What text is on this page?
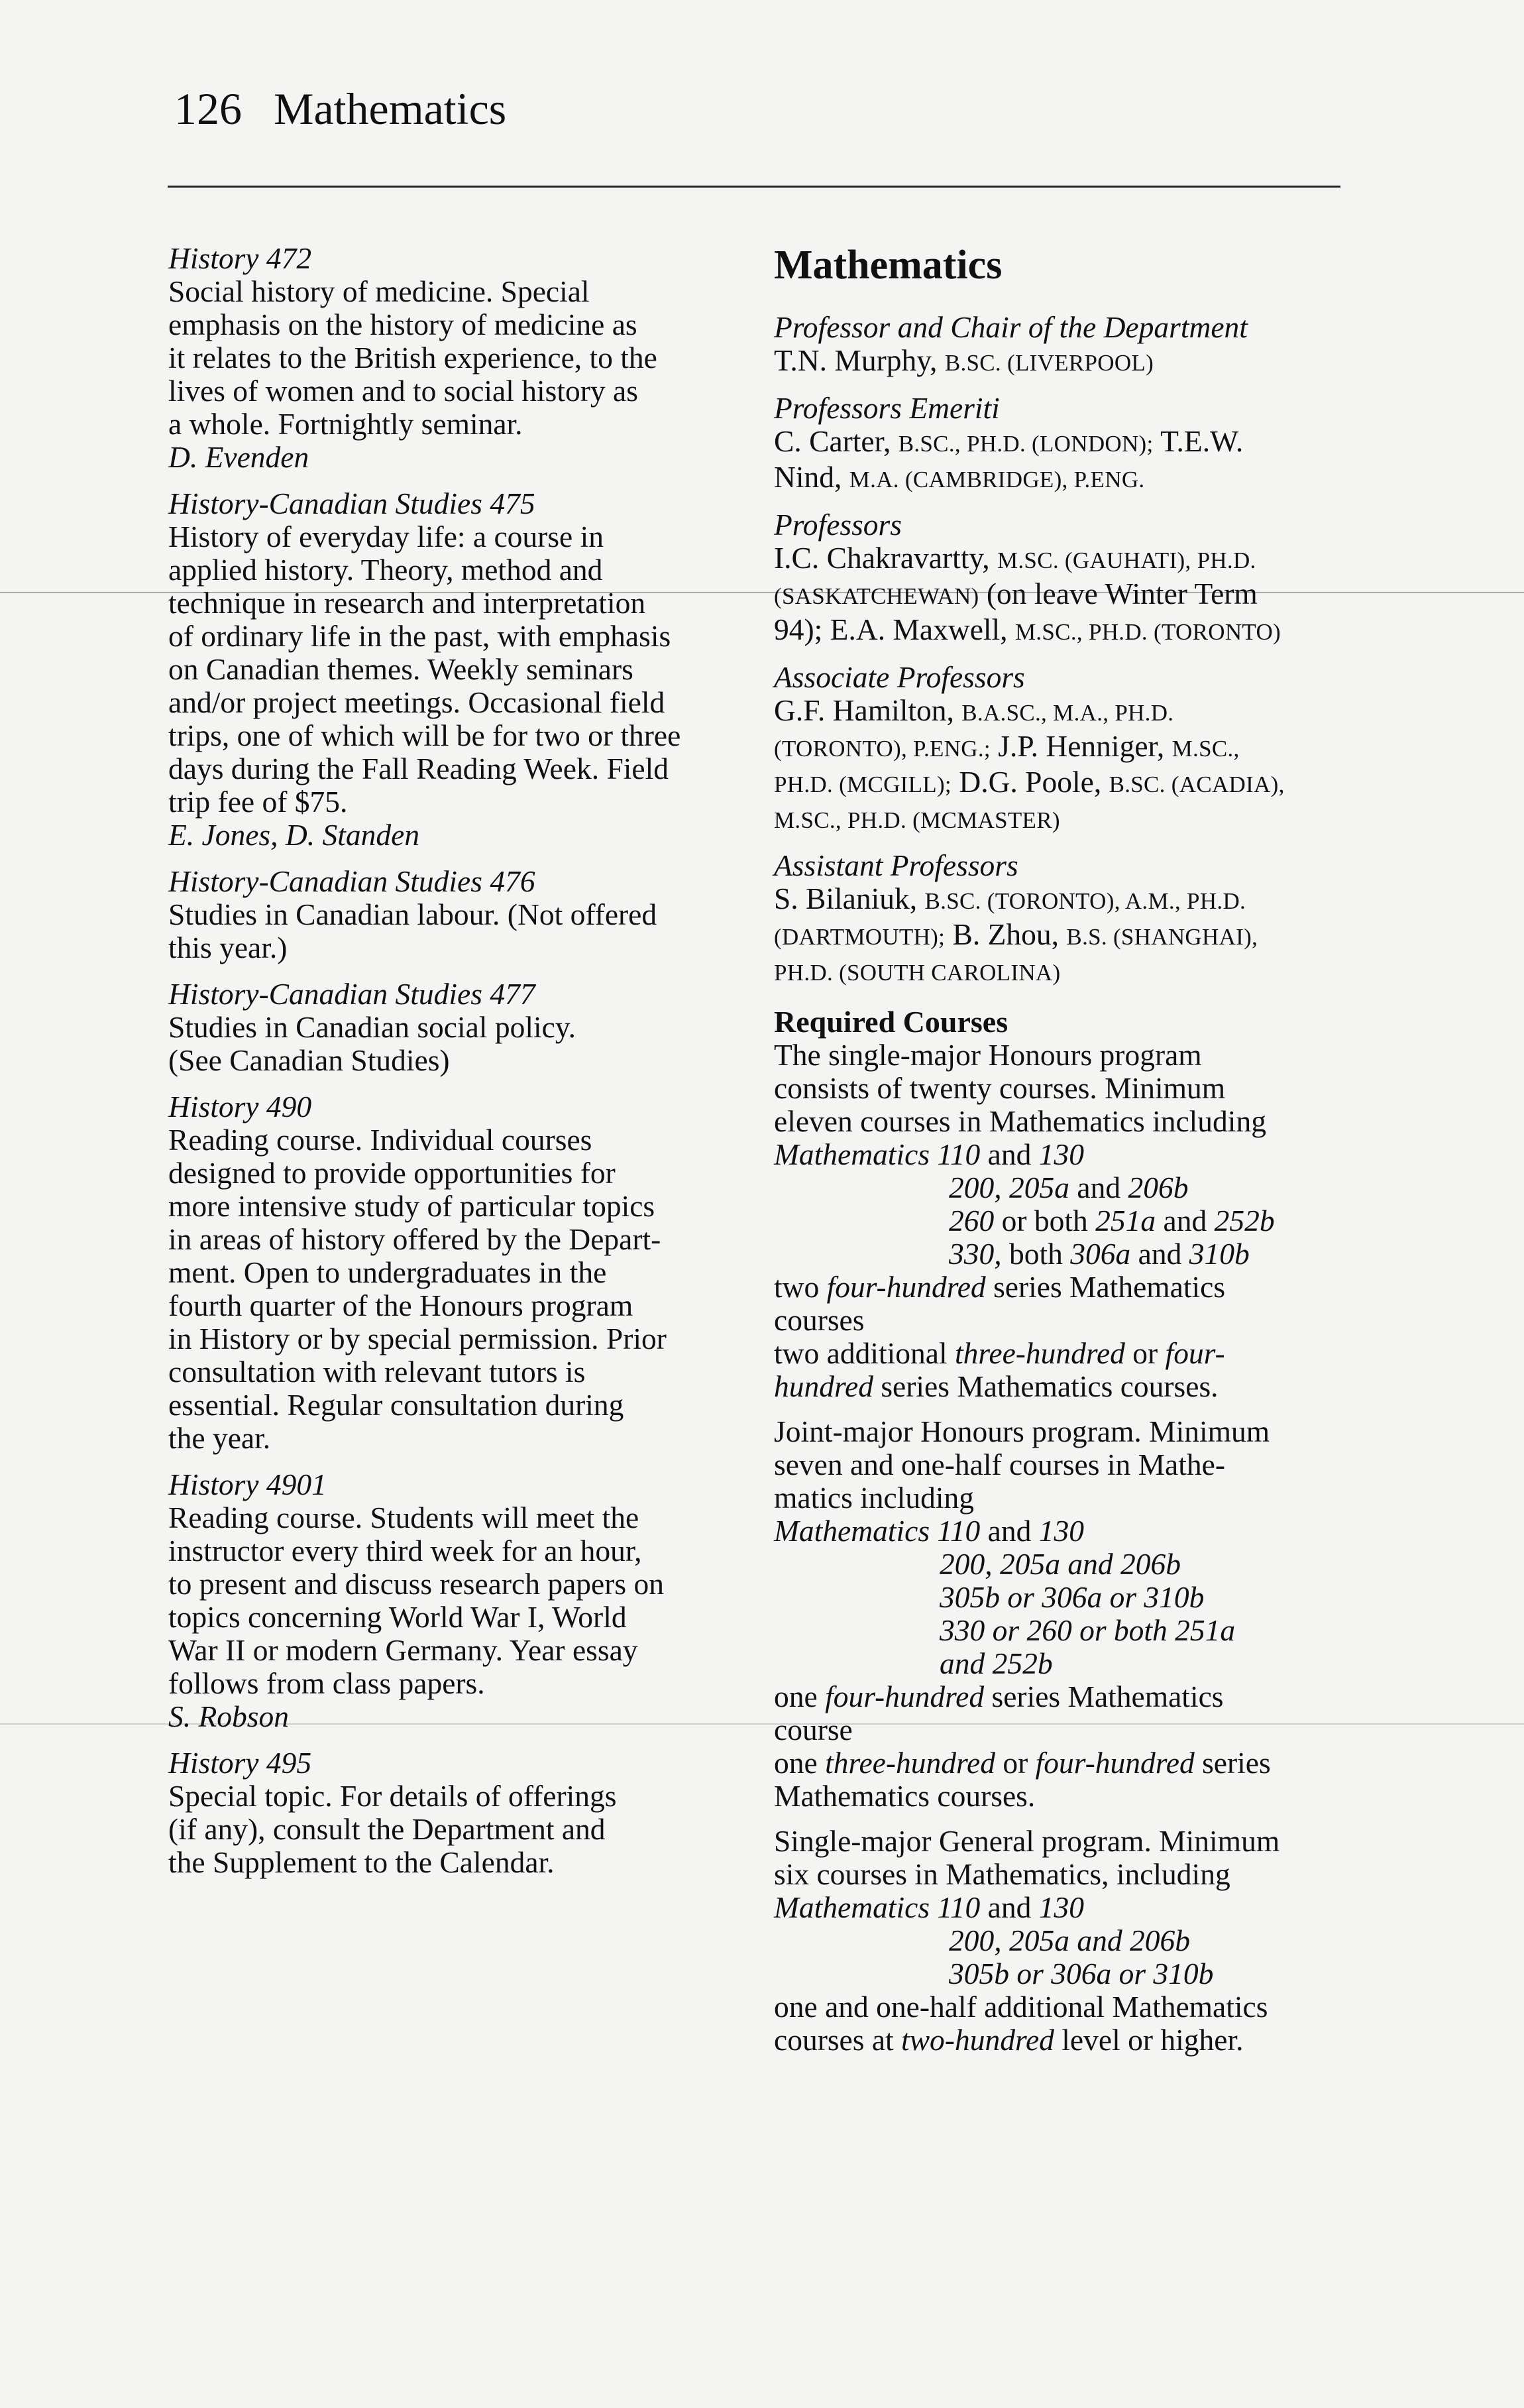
126 Mathematics
History 472
Social history of medicine. Special
emphasis on the history of medicine as
it relates to the British experience, to the
lives of women and to social history as
a whole. Fortnightly seminar.
D. Evenden
History-Canadian Studies 475
History of everyday life: a course in
applied history. Theory, method and
technique in research and interpretation
of ordinary life in the past, with emphasis
on Canadian themes. Weekly seminars
and/or project meetings. Occasional field
trips, one of which will be for two or three
days during the Fall Reading Week. Field
trip fee of $75.
E. Jones, D. Standen
History-Canadian Studies 476
Studies in Canadian labour. (Not offered
this year.)
History-Canadian Studies 477
Studies in Canadian social policy.
(See Canadian Studies)
History 490
Reading course. Individual courses
designed to provide opportunities for
more intensive study of particular topics
in areas of history offered by the Depart-
ment. Open to undergraduates in the
fourth quarter of the Honours program
in History or by special permission. Prior
consultation with relevant tutors is
essential. Regular consultation during
the year.
History 4901
Reading course. Students will meet the
instructor every third week for an hour,
to present and discuss research papers on
topics concerning World War I, World
War II or modern Germany. Year essay
follows from class papers.
S. Robson
History 495
Special topic. For details of offerings
(if any), consult the Department and
the Supplement to the Calendar.
Mathematics
Professor and Chair of the Department
T.N. Murphy, B.SC. (LIVERPOOL)
Professors Emeriti
C. Carter, B.SC., PH.D. (LONDON); T.E.W.
Nind, M.A. (CAMBRIDGE), P.ENG.
Professors
I.C. Chakravartty, M.SC. (GAUHATI), PH.D.
(SASKATCHEWAN) (on leave Winter Term
94); E.A. Maxwell, M.SC., PH.D. (TORONTO)
Associate Professors
G.F. Hamilton, B.A.SC., M.A., PH.D.
(TORONTO), P.ENG.; J.P. Henniger, M.SC.,
PH.D. (MCGILL); D.G. Poole, B.SC. (ACADIA),
M.SC., PH.D. (MCMASTER)
Assistant Professors
S. Bilaniuk, B.SC. (TORONTO), A.M., PH.D.
(DARTMOUTH); B. Zhou, B.S. (SHANGHAI),
PH.D. (SOUTH CAROLINA)
Required Courses
The single-major Honours program
consists of twenty courses. Minimum
eleven courses in Mathematics including
Mathematics 110 and 130
200, 205a and 206b
260 or both 251a and 252b
330, both 306a and 310b
two four-hundred series Mathematics
courses
two additional three-hundred or four-
hundred series Mathematics courses.
Joint-major Honours program. Minimum
seven and one-half courses in Mathe-
matics including
Mathematics 110 and 130
200, 205a and 206b
305b or 306a or 310b
330 or 260 or both 251a
and 252b
one four-hundred series Mathematics
course
one three-hundred or four-hundred series
Mathematics courses.
Single-major General program. Minimum
six courses in Mathematics, including
Mathematics 110 and 130
200, 205a and 206b
305b or 306a or 310b
one and one-half additional Mathematics
courses at two-hundred level or higher.
